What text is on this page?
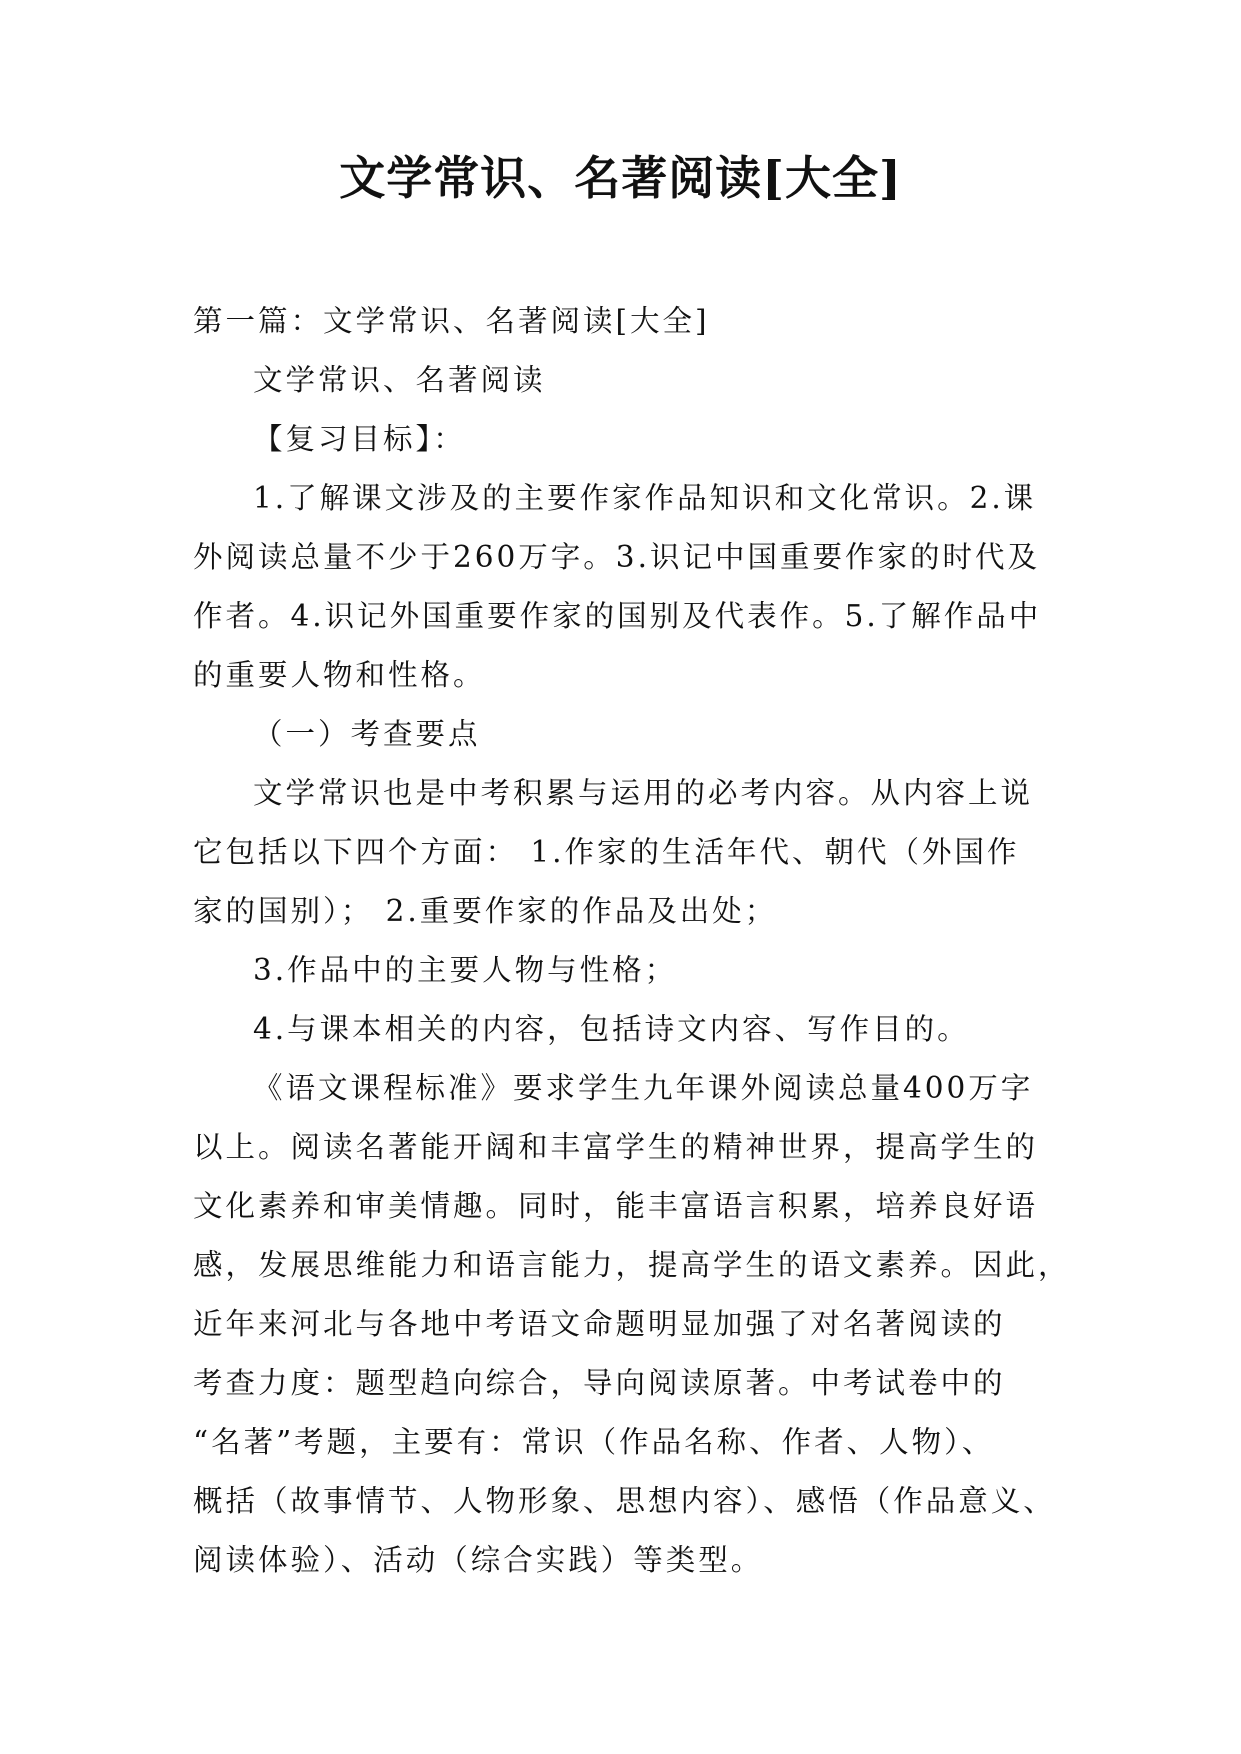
文学常识、名著阅读[大全]

第一篇：文学常识、名著阅读[大全]

文学常识、名著阅读

【复习目标】：

1.了解课文涉及的主要作家作品知识和文化常识。2.课
外阅读总量不少于260万字。3.识记中国重要作家的时代及
作者。4.识记外国重要作家的国别及代表作。5.了解作品中
的重要人物和性格。

（一）考查要点

文学常识也是中考积累与运用的必考内容。从内容上说
它包括以下四个方面： 1.作家的生活年代、朝代（外国作
家的国别）； 2.重要作家的作品及出处；

3.作品中的主要人物与性格；

4.与课本相关的内容，包括诗文内容、写作目的。

《语文课程标准》要求学生九年课外阅读总量400万字
以上。阅读名著能开阔和丰富学生的精神世界，提高学生的
文化素养和审美情趣。同时，能丰富语言积累，培养良好语
感，发展思维能力和语言能力，提高学生的语文素养。因此，
近年来河北与各地中考语文命题明显加强了对名著阅读的
考查力度：题型趋向综合，导向阅读原著。中考试卷中的
“名著”考题，主要有：常识（作品名称、作者、人物）、
概括（故事情节、人物形象、思想内容）、感悟（作品意义、
阅读体验）、活动（综合实践）等类型。
